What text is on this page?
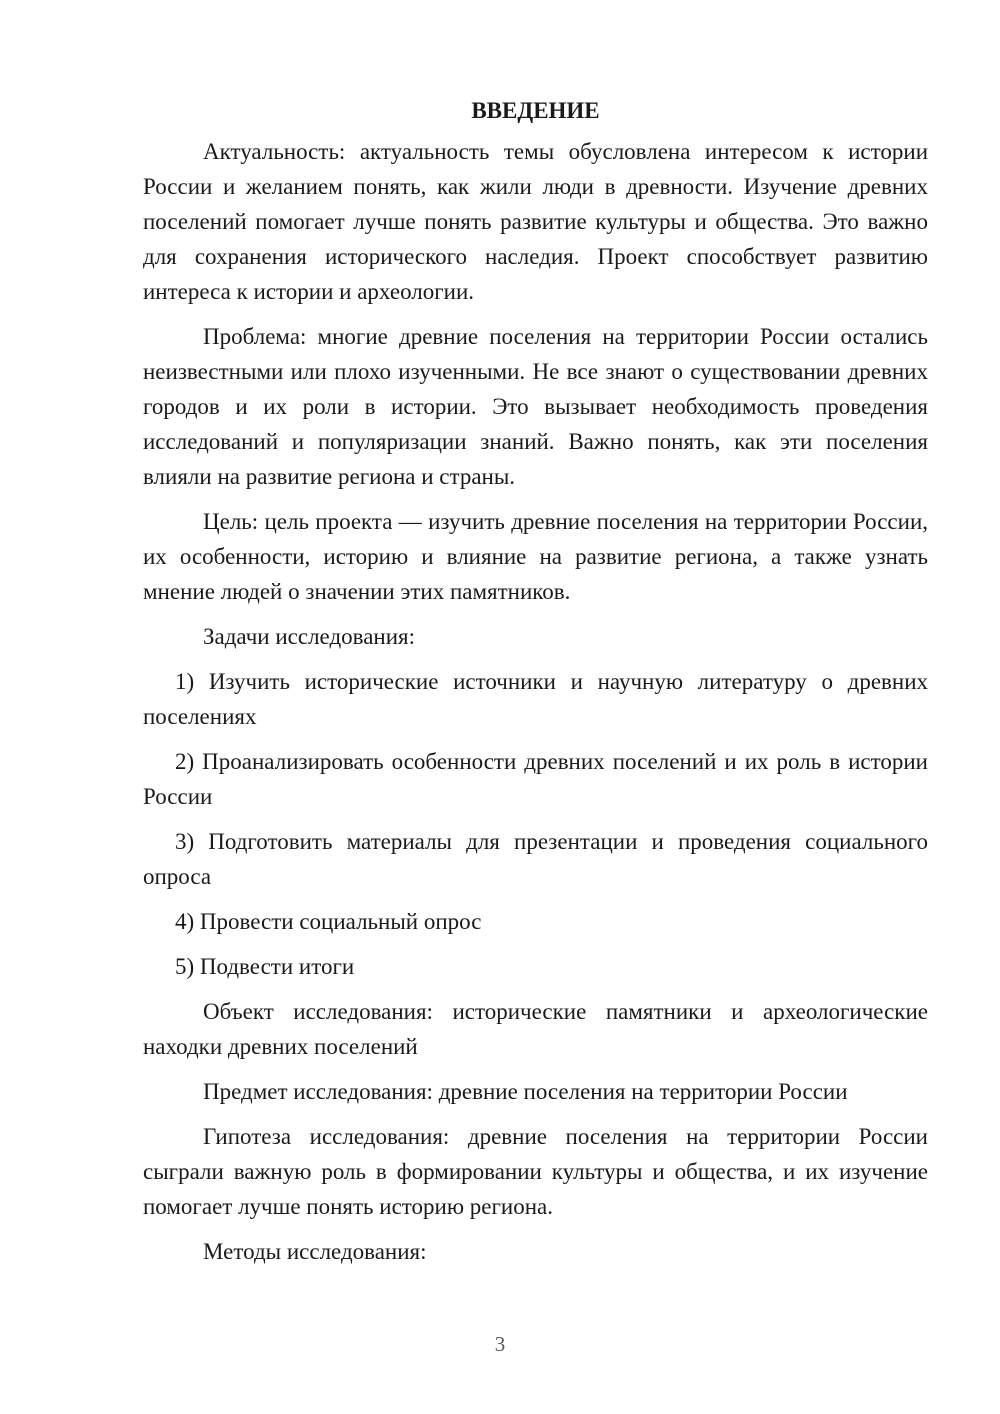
ВВЕДЕНИЕ

Актуальность: актуальность темы обусловлена интересом к истории России и желанием понять, как жили люди в древности. Изучение древних поселений помогает лучше понять развитие культуры и общества. Это важно для сохранения исторического наследия. Проект способствует развитию интереса к истории и археологии.

Проблема: многие древние поселения на территории России остались неизвестными или плохо изученными. Не все знают о существовании древних городов и их роли в истории. Это вызывает необходимость проведения исследований и популяризации знаний. Важно понять, как эти поселения влияли на развитие региона и страны.

Цель: цель проекта — изучить древние поселения на территории России, их особенности, историю и влияние на развитие региона, а также узнать мнение людей о значении этих памятников.

Задачи исследования:

1) Изучить исторические источники и научную литературу о древних поселениях

2) Проанализировать особенности древних поселений и их роль в истории России

3) Подготовить материалы для презентации и проведения социального опроса

4) Провести социальный опрос

5) Подвести итоги

Объект исследования: исторические памятники и археологические находки древних поселений

Предмет исследования: древние поселения на территории России

Гипотеза исследования: древние поселения на территории России сыграли важную роль в формировании культуры и общества, и их изучение помогает лучше понять историю региона.

Методы исследования:

3
